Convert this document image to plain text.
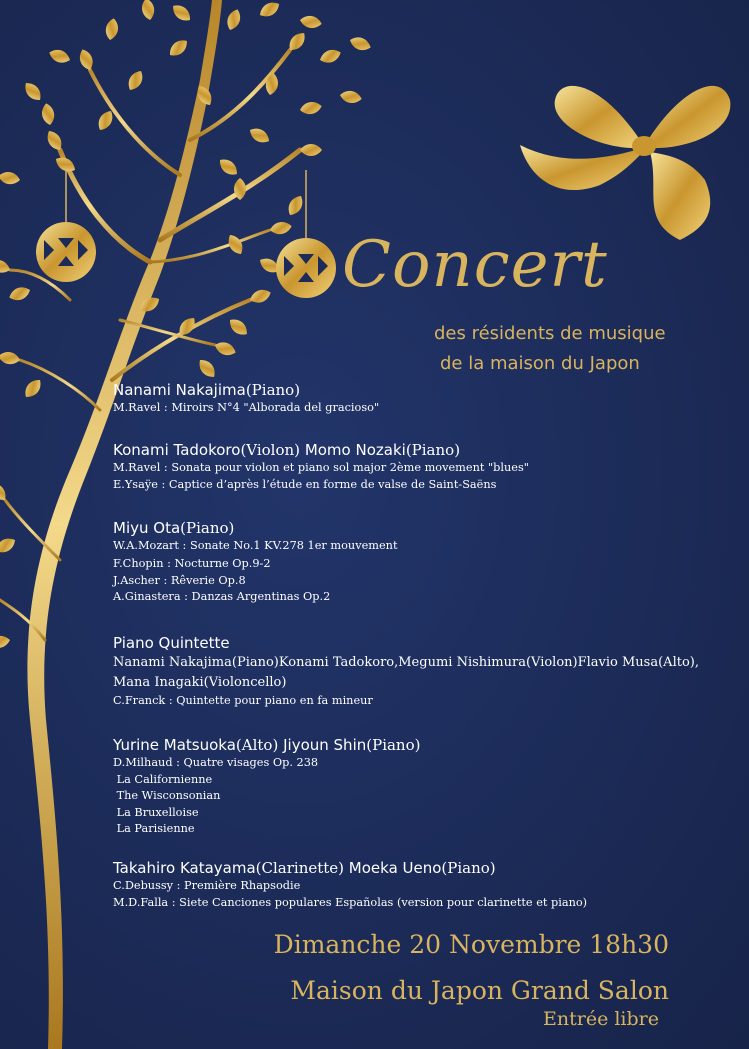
Concert
des résidents de musique
de la maison du Japon
Nanami Nakajima(Piano)
M.Ravel : Miroirs N°4 "Alborada del gracioso"
Konami Tadokoro(Violon) Momo Nozaki(Piano)
M.Ravel : Sonata pour violon et piano sol major 2ème movement "blues"
E.Ysaÿe : Captice d’après l’étude en forme de valse de Saint-Saëns
Miyu Ota(Piano)
W.A.Mozart : Sonate No.1 KV.278 1er mouvement
F.Chopin : Nocturne Op.9-2
J.Ascher : Rêverie Op.8
A.Ginastera : Danzas Argentinas Op.2
Piano Quintette
Nanami Nakajima(Piano)Konami Tadokoro,Megumi Nishimura(Violon)Flavio Musa(Alto),
Mana Inagaki(Violoncello)
C.Franck : Quintette pour piano en fa mineur
Yurine Matsuoka(Alto) Jiyoun Shin(Piano)
D.Milhaud : Quatre visages Op. 238
La Californienne
The Wisconsonian
La Bruxelloise
La Parisienne
Takahiro Katayama(Clarinette) Moeka Ueno(Piano)
C.Debussy : Première Rhapsodie
M.D.Falla : Siete Canciones populares Españolas (version pour clarinette et piano)
Dimanche 20 Novembre 18h30
Maison du Japon Grand Salon
Entrée libre
